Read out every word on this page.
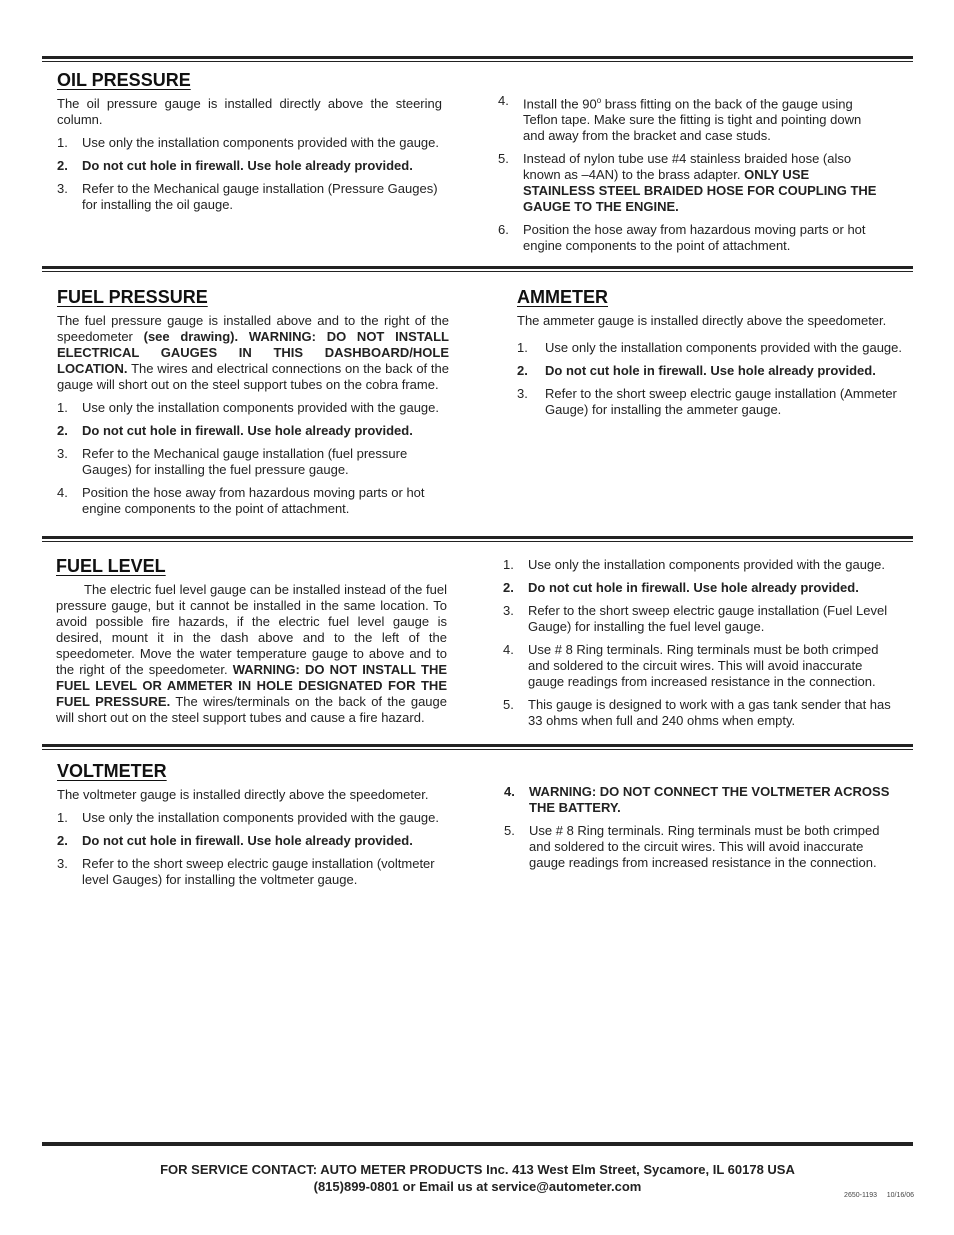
OIL PRESSURE

The oil pressure gauge is installed directly above the steering column.

1. Use only the installation components provided with the gauge.
2. Do not cut hole in firewall. Use hole already provided.
3. Refer to the Mechanical gauge installation (Pressure Gauges) for installing the oil gauge.
4. Install the 90$^o$ brass fitting on the back of the gauge using Teflon tape. Make sure the fitting is tight and pointing down and away from the bracket and case studs.
5. Instead of nylon tube use #4 stainless braided hose (also known as –4AN) to the brass adapter. ONLY USE STAINLESS STEEL BRAIDED HOSE FOR COUPLING THE GAUGE TO THE ENGINE.
6. Position the hose away from hazardous moving parts or hot engine components to the point of attachment.
FUEL PRESSURE

The fuel pressure gauge is installed above and to the right of the speedometer (see drawing). WARNING: DO NOT INSTALL ELECTRICAL GAUGES IN THIS DASHBOARD/HOLE LOCATION. The wires and electrical connections on the back of the gauge will short out on the steel support tubes on the cobra frame.

1. Use only the installation components provided with the gauge.
2. Do not cut hole in firewall. Use hole already provided.
3. Refer to the Mechanical gauge installation (fuel pressure Gauges) for installing the fuel pressure gauge.
4. Position the hose away from hazardous moving parts or hot engine components to the point of attachment.
AMMETER

The ammeter gauge is installed directly above the speedometer.

1. Use only the installation components provided with the gauge.
2. Do not cut hole in firewall. Use hole already provided.
3. Refer to the short sweep electric gauge installation (Ammeter Gauge) for installing the ammeter gauge.
FUEL LEVEL

The electric fuel level gauge can be installed instead of the fuel pressure gauge, but it cannot be installed in the same location. To avoid possible fire hazards, if the electric fuel level gauge is desired, mount it in the dash above and to the left of the speedometer. Move the water temperature gauge to above and to the right of the speedometer. WARNING: DO NOT INSTALL THE FUEL LEVEL OR AMMETER IN HOLE DESIGNATED FOR THE FUEL PRESSURE. The wires/terminals on the back of the gauge will short out on the steel support tubes and cause a fire hazard.

1. Use only the installation components provided with the gauge.
2. Do not cut hole in firewall. Use hole already provided.
3. Refer to the short sweep electric gauge installation (Fuel Level Gauge) for installing the fuel level gauge.
4. Use # 8 Ring terminals. Ring terminals must be both crimped and soldered to the circuit wires. This will avoid inaccurate gauge readings from increased resistance in the connection.
5. This gauge is designed to work with a gas tank sender that has 33 ohms when full and 240 ohms when empty.
VOLTMETER

The voltmeter gauge is installed directly above the speedometer.

1. Use only the installation components provided with the gauge.
2. Do not cut hole in firewall. Use hole already provided.
3. Refer to the short sweep electric gauge installation (voltmeter level Gauges) for installing the voltmeter gauge.
4. WARNING: DO NOT CONNECT THE VOLTMETER ACROSS THE BATTERY.
5. Use # 8 Ring terminals. Ring terminals must be both crimped and soldered to the circuit wires. This will avoid inaccurate gauge readings from increased resistance in the connection.
FOR SERVICE CONTACT: AUTO METER PRODUCTS Inc. 413 West Elm Street, Sycamore, IL 60178 USA
(815)899-0801 or Email us at service@autometer.com
2650-1193 10/16/06
